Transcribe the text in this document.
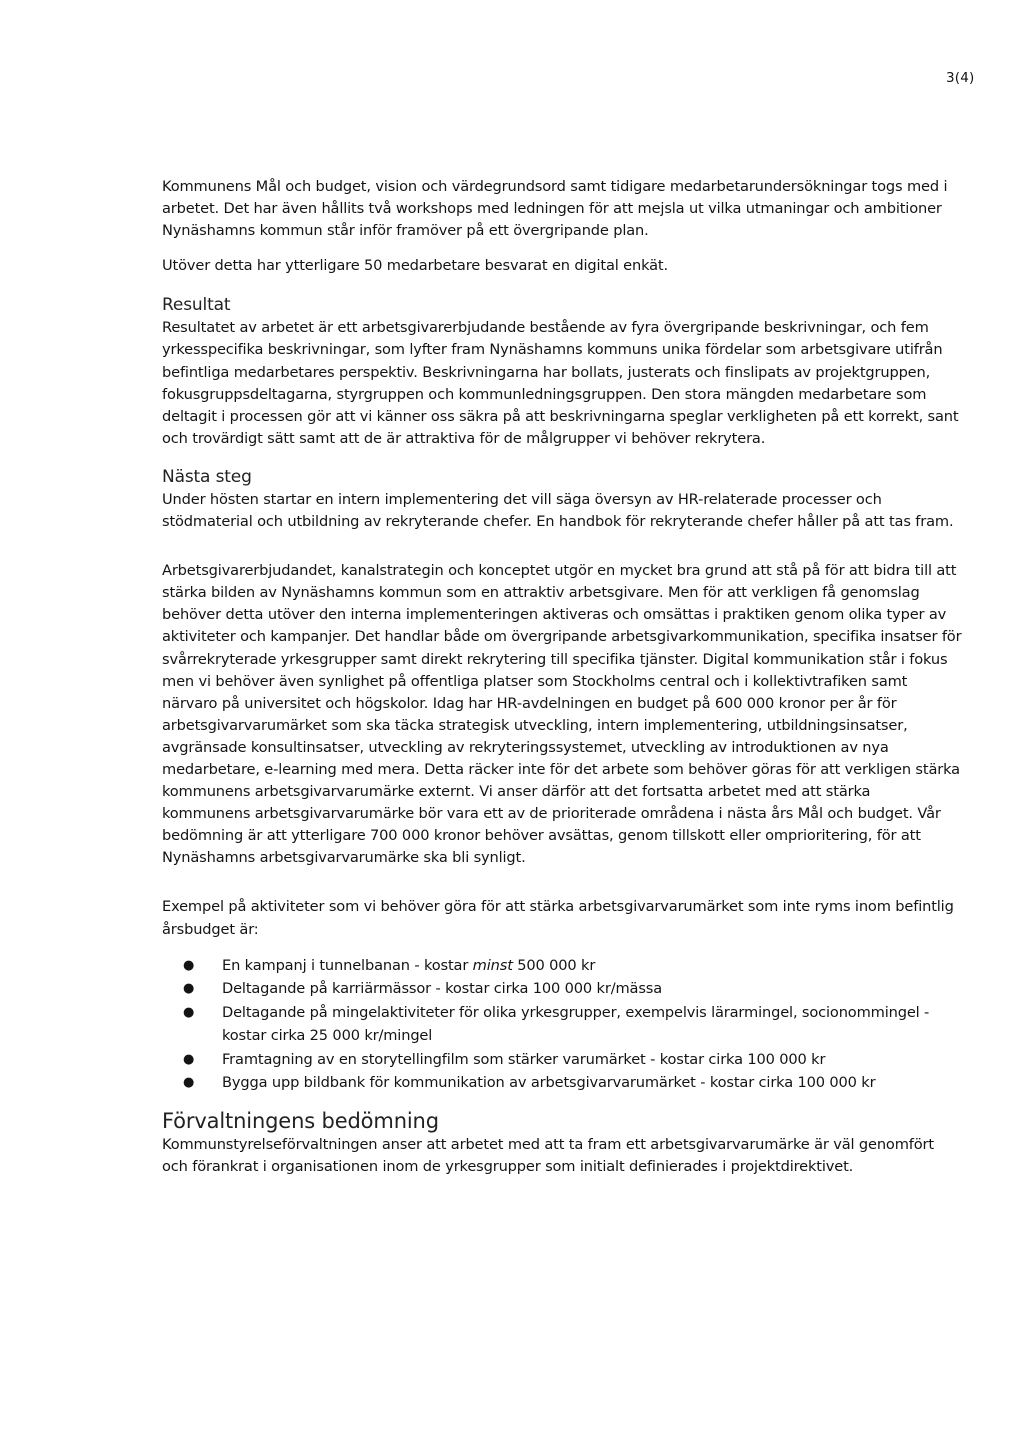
3(4)

Kommunens Mål och budget, vision och värdegrundsord samt tidigare medarbetarundersökningar togs med i arbetet. Det har även hållits två workshops med ledningen för att mejsla ut vilka utmaningar och ambitioner Nynäshamns kommun står inför framöver på ett övergripande plan.

Utöver detta har ytterligare 50 medarbetare besvarat en digital enkät.

Resultat

Resultatet av arbetet är ett arbetsgivarerbjudande bestående av fyra övergripande beskrivningar, och fem yrkesspecifika beskrivningar, som lyfter fram Nynäshamns kommuns unika fördelar som arbetsgivare utifrån befintliga medarbetares perspektiv. Beskrivningarna har bollats, justerats och finslipats av projektgruppen, fokusgruppsdeltagarna, styrgruppen och kommunledningsgruppen. Den stora mängden medarbetare som deltagit i processen gör att vi känner oss säkra på att beskrivningarna speglar verkligheten på ett korrekt, sant och trovärdigt sätt samt att de är attraktiva för de målgrupper vi behöver rekrytera.

Nästa steg

Under hösten startar en intern implementering det vill säga översyn av HR-relaterade processer och stödmaterial och utbildning av rekryterande chefer. En handbok för rekryterande chefer håller på att tas fram.

Arbetsgivarerbjudandet, kanalstrategin och konceptet utgör en mycket bra grund att stå på för att bidra till att stärka bilden av Nynäshamns kommun som en attraktiv arbetsgivare. Men för att verkligen få genomslag behöver detta utöver den interna implementeringen aktiveras och omsättas i praktiken genom olika typer av aktiviteter och kampanjer. Det handlar både om övergripande arbetsgivarkommunikation, specifika insatser för svårrekryterade yrkesgrupper samt direkt rekrytering till specifika tjänster. Digital kommunikation står i fokus men vi behöver även synlighet på offentliga platser som Stockholms central och i kollektivtrafiken samt närvaro på universitet och högskolor. Idag har HR-avdelningen en budget på 600 000 kronor per år för arbetsgivarvarumärket som ska täcka strategisk utveckling, intern implementering, utbildningsinsatser, avgränsade konsultinsatser, utveckling av rekryteringssystemet, utveckling av introduktionen av nya medarbetare, e-learning med mera. Detta räcker inte för det arbete som behöver göras för att verkligen stärka kommunens arbetsgivarvarumärke externt. Vi anser därför att det fortsatta arbetet med att stärka kommunens arbetsgivarvarumärke bör vara ett av de prioriterade områdena i nästa års Mål och budget. Vår bedömning är att ytterligare 700 000 kronor behöver avsättas, genom tillskott eller omprioritering, för att Nynäshamns arbetsgivarvarumärke ska bli synligt.

Exempel på aktiviteter som vi behöver göra för att stärka arbetsgivarvarumärket som inte ryms inom befintlig årsbudget är:

● En kampanj i tunnelbanan - kostar minst 500 000 kr
● Deltagande på karriärmässor - kostar cirka 100 000 kr/mässa
● Deltagande på mingelaktiviteter för olika yrkesgrupper, exempelvis lärarmingel, socionommingel - kostar cirka 25 000 kr/mingel
● Framtagning av en storytellingfilm som stärker varumärket - kostar cirka 100 000 kr
● Bygga upp bildbank för kommunikation av arbetsgivarvarumärket - kostar cirka 100 000 kr
Förvaltningens bedömning

Kommunstyrelseförvaltningen anser att arbetet med att ta fram ett arbetsgivarvarumärke är väl genomfört och förankrat i organisationen inom de yrkesgrupper som initialt definierades i projektdirektivet.
